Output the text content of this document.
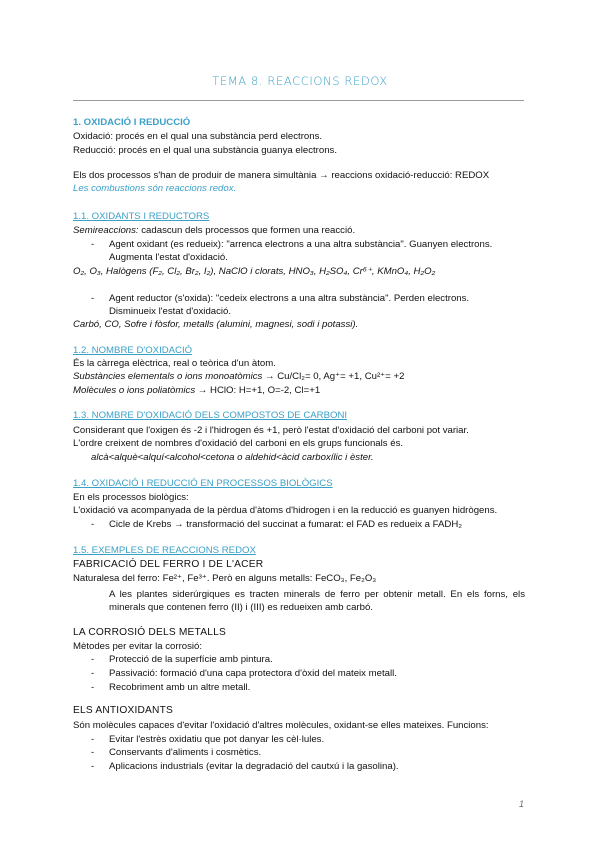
TEMA 8. REACCIONS REDOX
1. OXIDACIÓ I REDUCCIÓ
Oxidació: procés en el qual una substància perd electrons.
Reducció: procés en el qual una substància guanya electrons.
Els dos processos s'han de produir de manera simultània → reaccions oxidació-reducció: REDOX
Les combustions són reaccions redox.
1.1. OXIDANTS I REDUCTORS
Semireaccions: cadascun dels processos que formen una reacció.
- Agent oxidant (es redueix): "arrenca electrons a una altra substància". Guanyen electrons.
Augmenta l'estat d'oxidació.
O₂, O₃, Halògens (F₂, Cl₂, Br₂, I₂), NaClO i clorats, HNO₃, H₂SO₄, Cr⁶⁺, KMnO₄, H₂O₂
- Agent reductor (s'oxida): "cedeix electrons a una altra substància". Perden electrons.
Disminueix l'estat d'oxidació.
Carbó, CO, Sofre i fòsfor, metalls (alumini, magnesi, sodi i potassi).
1.2. NOMBRE D'OXIDACIÓ
És la càrrega elèctrica, real o teòrica d'un àtom.
Substàncies elementals o ions monoatòmics → Cu/Cl₂= 0, Ag⁺= +1, Cu²⁺= +2
Molècules o ions poliatòmics → HClO: H=+1, O=-2, Cl=+1
1.3. NOMBRE D'OXIDACIÓ DELS COMPOSTOS DE CARBONI
Considerant que l'oxigen és -2 i l'hidrogen és +1, però l'estat d'oxidació del carboni pot variar.
L'ordre creixent de nombres d'oxidació del carboni en els grups funcionals és.
alcà<alquè<alquí<alcohol<cetona o aldehid<àcid carboxílic i èster.
1.4. OXIDACIÓ I REDUCCIÓ EN PROCESSOS BIOLÒGICS
En els processos biològics:
L'oxidació va acompanyada de la pèrdua d'àtoms d'hidrogen i en la reducció es guanyen hidrògens.
- Cicle de Krebs → transformació del succinat a fumarat: el FAD es redueix a FADH₂
1.5. EXEMPLES DE REACCIONS REDOX
FABRICACIÓ DEL FERRO I DE L'ACER
Naturalesa del ferro: Fe²⁺, Fe³⁺. Però en alguns metalls: FeCO₃, Fe₂O₃
A les plantes siderúrgiques es tracten minerals de ferro per obtenir metall. En els forns, els minerals que contenen ferro (II) i (III) es redueixen amb carbó.
LA CORROSIÓ DELS METALLS
Mètodes per evitar la corrosió:
- Protecció de la superfície amb pintura.
- Passivació: formació d'una capa protectora d'òxid del mateix metall.
- Recobriment amb un altre metall.
ELS ANTIOXIDANTS
Són molècules capaces d'evitar l'oxidació d'altres molècules, oxidant-se elles mateixes. Funcions:
- Evitar l'estrès oxidatiu que pot danyar les cèl·lules.
- Conservants d'aliments i cosmètics.
- Aplicacions industrials (evitar la degradació del cautxú i la gasolina).
1
